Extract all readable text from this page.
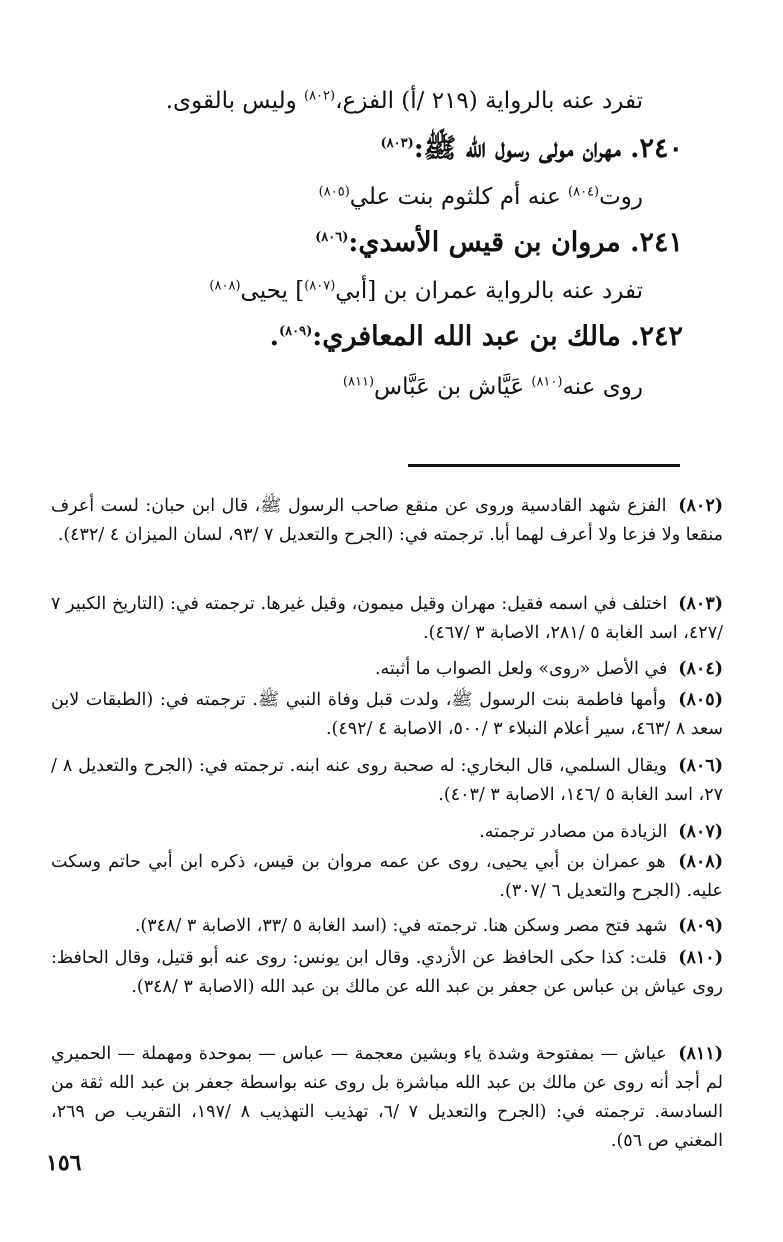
تفرد عنه بالرواية (٢١٩ /أ) الفزع،$^{(٨٠٢)}$ وليس بالقوى.
٢٤٠. مهران مولى رسول الله ﷺ:$^{(٨٠٣)}$
روت$^{(٨٠٤)}$ عنه أم كلثوم بنت علي$^{(٨٠٥)}$
٢٤١. مروان بن قيس الأسدي:$^{(٨٠٦)}$
تفرد عنه بالرواية عمران بن [أبي$^{(٨٠٧)}$] يحيى$^{(٨٠٨)}$
٢٤٢. مالك بن عبد الله المعافري:$^{(٨٠٩)}$.
روى عنه$^{(٨١٠)}$ عَيَّاش بن عَبَّاس$^{(٨١١)}$
(٨٠٢) الفزع شهد القادسية وروى عن منقع صاحب الرسول ﷺ، قال ابن حبان: لست أعرف منقعا ولا فزعا ولا أعرف لهما أبا. ترجمته في: (الجرح والتعديل ٧ /٩٣، لسان الميزان ٤ /٤٣٢).
(٨٠٣) اختلف في اسمه فقيل: مهران وقيل ميمون، وقيل غيرها. ترجمته في: (التاريخ الكبير ٧ /٤٢٧، اسد الغابة ٥ /٢٨١، الاصابة ٣ /٤٦٧).
(٨٠٤) في الأصل «روى» ولعل الصواب ما أثبته.
(٨٠٥) وأمها فاطمة بنت الرسول ﷺ، ولدت قبل وفاة النبي ﷺ. ترجمته في: (الطبقات لابن سعد ٨ /٤٦٣، سير أعلام النبلاء ٣ /٥٠٠، الاصابة ٤ /٤٩٢).
(٨٠٦) ويقال السلمي، قال البخاري: له صحبة روى عنه ابنه. ترجمته في: (الجرح والتعديل ٨ /٢٧، اسد الغابة ٥ /١٤٦، الاصابة ٣ /٤٠٣).
(٨٠٧) الزيادة من مصادر ترجمته.
(٨٠٨) هو عمران بن أبي يحيى، روى عن عمه مروان بن قيس، ذكره ابن أبي حاتم وسكت عليه. (الجرح والتعديل ٦ /٣٠٧).
(٨٠٩) شهد فتح مصر وسكن هنا. ترجمته في: (اسد الغابة ٥ /٣٣، الاصابة ٣ /٣٤٨).
(٨١٠) قلت: كذا حكى الحافظ عن الأزدي. وقال ابن يونس: روى عنه أبو قتيل، وقال الحافظ: روى عياش بن عباس عن جعفر بن عبد الله عن مالك بن عبد الله (الاصابة ٣ /٣٤٨).
(٨١١) عياش — بمفتوحة وشدة ياء وبشين معجمة — عباس — بموحدة ومهملة — الحميري لم أجد أنه روى عن مالك بن عبد الله مباشرة بل روى عنه بواسطة جعفر بن عبد الله ثقة من السادسة. ترجمته في: (الجرح والتعديل ٧ /٦، تهذيب التهذيب ٨ /١٩٧، التقريب ص ٢٦٩، المغني ص ٥٦).
١٥٦
